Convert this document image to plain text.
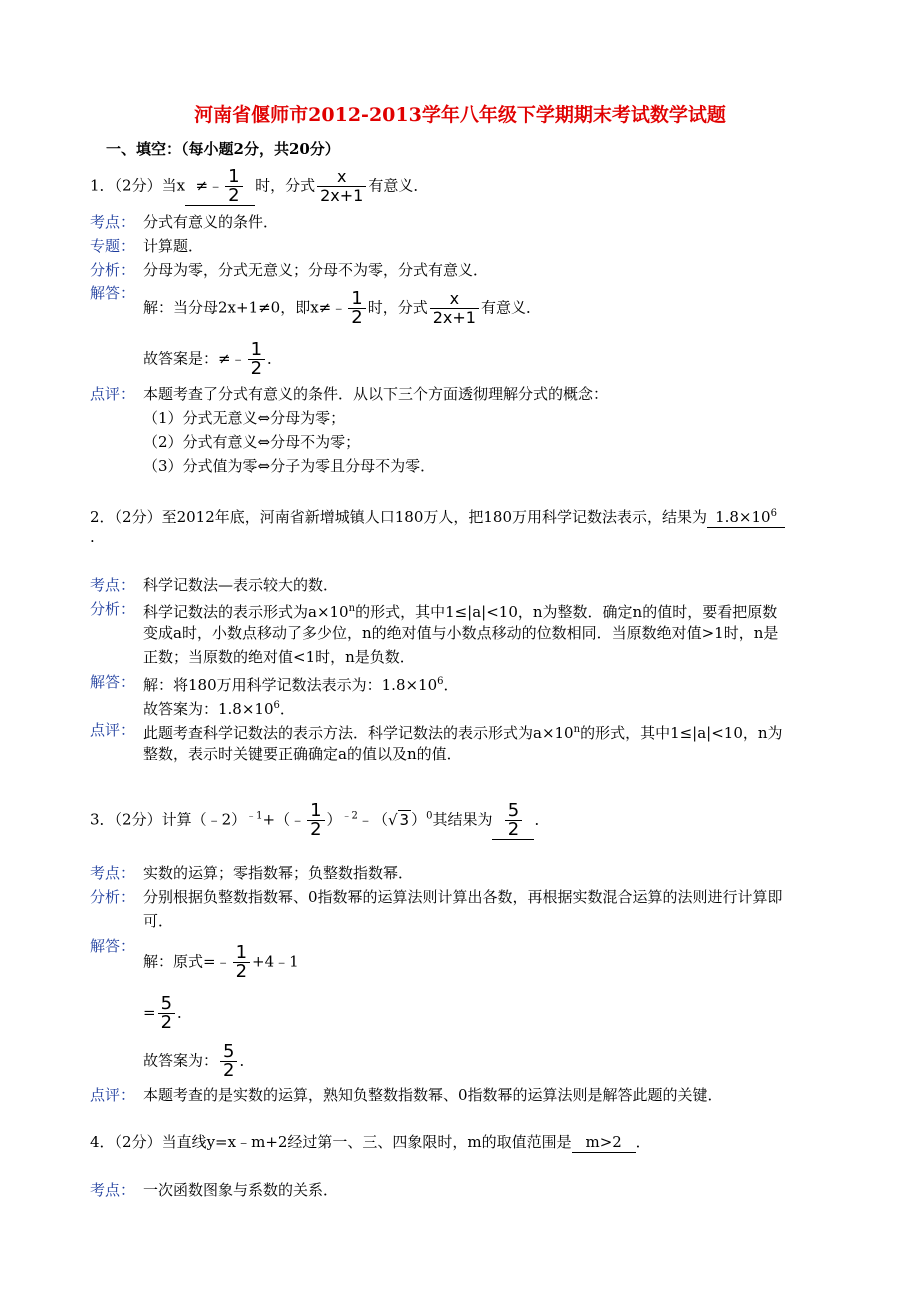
河南省偃师市2012-2013学年八年级下学期期末考试数学试题
一、填空：（每小题2分，共20分）
1．（2分）当x ≠﹣ $\frac{1}{2}$ 时，分式 $\frac{x}{2x+1}$ 有意义．
考点： 分式有意义的条件．
专题： 计算题．
分析： 分母为零，分式无意义；分母不为零，分式有意义．
解答：
解：当分母2x+1≠0，即x≠﹣ $\frac{1}{2}$ 时，分式 $\frac{x}{2x+1}$ 有意义．
故答案是：≠﹣ $\frac{1}{2}$ ．
点评： 本题考查了分式有意义的条件．从以下三个方面透彻理解分式的概念：
（1）分式无意义⇔分母为零；
（2）分式有意义⇔分母不为零；
（3）分式值为零⇔分子为零且分母不为零．
2．（2分）至2012年底，河南省新增城镇人口180万人，把180万用科学记数法表示，结果为 $1.8\times 10^6$
.
考点： 科学记数法—表示较大的数．
分析： 科学记数法的表示形式为$a\times 10^n$的形式，其中1≤|a|<10，n为整数．确定n的值时，要看把原数
变成a时，小数点移动了多少位，n的绝对值与小数点移动的位数相同．当原数绝对值>1时，n是
正数；当原数的绝对值<1时，n是负数．
解答： 解：将180万用科学记数法表示为：$1.8\times 10^6$．
故答案为：$1.8\times 10^6$．
点评： 此题考查科学记数法的表示方法．科学记数法的表示形式为$a\times 10^n$的形式，其中1≤|a|<10，n为
整数，表示时关键要正确确定a的值以及n的值．
3．（2分）计算（﹣2）$^{﹣1}$+（﹣ $\frac{1}{2}$ ）$^{﹣2}$﹣（√ 3 ）$^0$其结果为 $\frac{5}{2}$ ．
考点： 实数的运算；零指数幂；负整数指数幂．
分析： 分别根据负整数指数幂、0指数幂的运算法则计算出各数，再根据实数混合运算的法则进行计算即
可．
解答：
解：原式=﹣ $\frac{1}{2}$ +4﹣1
= $\frac{5}{2}$ ．
故答案为： $\frac{5}{2}$ ．
点评： 本题考查的是实数的运算，熟知负整数指数幂、0指数幂的运算法则是解答此题的关键．
4．（2分）当直线y=x﹣m+2经过第一、三、四象限时，m的取值范围是 m>2 ．
考点： 一次函数图象与系数的关系．
